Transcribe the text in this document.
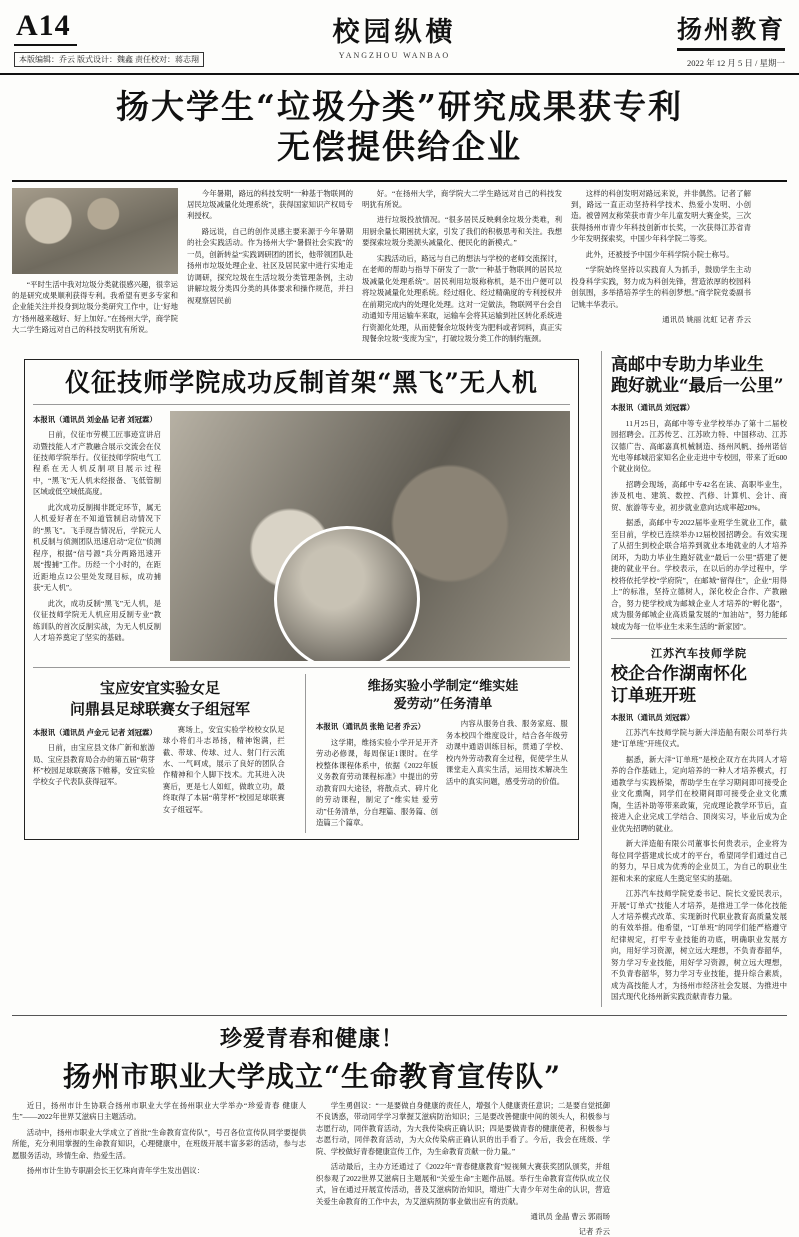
A14 本版编辑：乔云 版式设计：魏鑫 责任校对：蒋志翔
校园纵横
YANGZHOU WANBAO
扬州教育
2022 年 12 月 5 日 / 星期一
扬大学生“垃圾分类”研究成果获专利
无偿提供给企业

“平时生活中我对垃圾分类就很感兴趣，很幸运的是研究成果顺利获得专利。我希望有更多专家和企业能关注并投身到垃圾分类研究工作中，让‘好地方’扬州越来越好、好上加好。”在扬州大学，商学院大二学生路远对自己的科技发明犹有所说。

今年暑期，路远的科技发明“一种基于物联网的居民垃圾减量化处理系统”，获得国家知识产权局专利授权。

路远说，自己的创作灵感主要来源于今年暑期的社会实践活动。作为扬州大学“暑假社会实践”的一员，创新转益“实践调研团的团长，他带领团队赴扬州市垃圾处理企业、社区及居民家中进行实地走访调研，探究垃圾在生活垃圾分类管理条例，主动讲解垃圾分类四分类的具体要求和操作规范，并扫视观察居民前

好。“在扬州大学，商学院大二学生路远对自己的科技发明犹有所说。

进行垃圾投放情况。“很多居民反映剩余垃圾分类难，利用厨余量长期困扰大家，引发了我们的积极思考和关注。我想要探索垃圾分类源头减量化、便民化的新模式。”

实践活动后，路远与自己的想法与学校的老师交流探讨，在老师的帮助与指导下研发了一款“一种基于物联网的居民垃圾减量化处理系统”。居民利用垃圾称称机，是不出户便可以将垃圾减量化处理系统。经过细化、经过精确度的专利授权并在前期完成内的处理化处理。这对一定做法，物联网平台会自动通知专用运输车来取，运输车会将其运输到社区转化系统进行资源化处理，从而使餐余垃圾转变为肥料或者饲料，真正实现餐余垃圾“变废为宝”，打破垃圾分类工作的制约瓶颈。

这样的科创发明对路远来说，并非偶然。记者了解到，路远一直正动坚持科学技术、热爱小发明、小创造。被曾网友称荣获市青少年儿童发明大赛金奖，三次获得扬州市青少年科技创新市长奖，一次获得江苏省青少年发明探索奖，中国少年科学院二等奖。

此外，还被授予中国少年科学院小院士称号。

“学院始终坚持以实践育人为抓手，鼓励学生主动投身科学实践，努力成为科创先锋，营造浓厚的校园科创氛围，多举措培养学生的科创梦想。”商学院党委副书记姚丰华表示。

通讯员 姚丽 沈虹 记者 乔云
仪征技师学院成功反制首架“黑飞”无人机
本报讯（通讯员 刘金晶 记者 刘冠霖）

日前，仪征市劳模工匠事迹宣讲启动暨技能人才产教融合展示交流会在仪征技师学院举行。仪征技师学院电气工程系在无人机反制项目展示过程中，“黑飞”无人机未经报备、飞低管制区域或低空域低高度。

此次成功反制揭非既定环节，属无人机爱好者在不知道管制启动情况下的“黑飞”。飞手现告情况后，学院元人机反制与侦测团队迅速启动“定位”侦测程序，根据“信号源”兵分两路迅速开展“搜捕”工作。历经一个小时的，在距近距地点12公里处发现目标，成功捕获“无人机”。

此次，成功反制“黑飞”无人机，是仪征技师学院无人机应用反制专业“教练训队的首次反制实战，为无人机反制人才培养奠定了坚实的基础。

宝应安宜实验女足
问鼎县足球联赛女子组冠军
本报讯（通讯员 卢金元 记者 刘冠霖）

日前，由宝应县文体广新和旅游局、宝应县教育局合办的第五届“萌芽杯”校园足球联赛落下帷幕，安宜实验学校女子代表队获得冠军。

赛场上，安宜实验学校校女队足球小将们斗志昂扬，精神饱满，拦截、带球、传球、过人、射门行云流水、一气呵成，展示了良好的团队合作精神和个人脚下技术。尤其进入决赛后，更是七人如虹，做敢立功，最终取得了本届“萌芽杯”校园足球联赛女子组冠军。

维扬实验小学制定“维实娃
爱劳动”任务清单
本报讯（通讯员 张艳 记者 乔云）

这学期，维扬实验小学开足开齐劳动必修课，每周保证1课时。在学校整体课程体系中，依据《2022年版义务教育劳动课程标准》中提出的劳动教育四大途径，将散点式、碎片化的劳动课程，制定了“维实娃 爱劳动”任务清单，分自理篇、服务篇、创造篇三个篇章。

内容从服务自我、服务家庭、服务本校四个维度设计，结合各年级劳动课中通语训练目标，贯通了学校、校内外劳动教育全过程，促使学生从课堂走入真实生活，运用技术解决生活中的真实问题，感受劳动的价值。

高邮中专助力毕业生
跑好就业“最后一公里”
本报讯（通讯员 刘冠霖）

11月25日，高邮中等专业学校举办了第十二届校园招聘会。江苏传艺、江苏欧力特、中国移动、江苏汉德广告、高邮嘉真机械制造、扬州风帆、扬州诺信光电等邮城沿家知名企业走进中专校园，带来了近600个就业岗位。

招聘会现场，高邮中专42名在读、高职毕业生，涉及机电、建筑、数控、汽修、计算机、会计、商贸、旅游等专业，初步就业意向达成率超20%。

据悉，高邮中专2022届毕业班学生就业工作，截至目前，学校已连续举办12届校园招聘会。有效实现了从招生到校企联合培养到就业本地就业的人才培养闭环，为助力毕业生跑好就业“最后一公里”搭建了便捷的就业平台。学校表示，在以后的办学过程中，学校将依托学校“学府院”，在邮城“留得住”，企业“用得上”的标准，坚持立德树人，深化校企合作、产教融合，努力使学校成为邮城企业人才培养的“孵化器”，成为服务邮城企业高质量发展的“加油站”，努力能邮城成为每一位毕业生未来生活的“新家园”。

江苏汽车技师学院
校企合作湖南怀化
订单班开班
本报讯（通讯员 刘冠霖）

江苏汽车技师学院与新大洋造船有限公司举行共建“订单班”开班仪式。

据悉，新大洋“订单班”是校企双方在共同人才培养的合作基础上，定向培养的一种人才培养模式，打通教学与实践桥梁，帮助学生在学习期间即可接受企业文化熏陶，同学们在校期间即可接受企业文化熏陶，生活补助等带来政策，完成理论教学环节后，直接进入企业完成工学结合、顶岗实习，毕业后成为企业优先招聘的就业。

新大洋造船有限公司董事长何贵表示，企业将为每位同学搭建成长成才的平台，希望同学们通过自己的努力，早日成为优秀的企业员工，为自己的职业生涯和未来的家庭人生奠定坚实的基础。

江苏汽车技师学院党委书记、院长文爱民表示，开展“订单式”技能人才培养，是推进工学一体化技能人才培养模式改革、实现新时代职业教育高质量发展的有效举措。他希望，“订单班”的同学们能严格遵守纪律规定，打牢专业技能的功底，明确职业发展方向，用好学习资源，树立远大理想，不负青春韶华，努力学习专业技能，用好学习资源，树立远大理想，不负青春韶华，努力学习专业技能，提升综合素质，成为高技能人才，为扬州市经济社会发展、为推进中国式现代化扬州新实践贡献青春力量。

珍爱青春和健康！
扬州市职业大学成立“生命教育宣传队”

近日，扬州市计生协联合扬州市职业大学在扬州职业大学举办“珍爱青春 健康人生”——2022年世界艾滋病日主题活动。

活动中，扬州市职业大学成立了首批“生命教育宣传队”，号召各位宣传队同学要提供所能，充分利用掌握的生命教育知识，心理健康中，在班级开展丰富多彩的活动，参与志愿服务活动，珍情生命、热爱生活。

扬州市计生协专职副会长王忆珠向青年学生发出倡议：

学生勇倡议：“一是要做自身健康的责任人，增强个人健康责任意识；二是要自觉抵御不良诱惑，带动同学学习掌握艾滋病防治知识；三是要改善健康中间的领头人，积极参与志愿行动，同伴教育活动，为大我传染病正确认识；四是要做青春的健康使者，积极参与志愿行动，同伴教育活动，为大众传染病正确认识的出手看了。今后，我会在班级、学院、学校做好青春健康宣传工作，为生命教育贡献一份力量。”

活动最后，主办方还通过了《2022年“青春健康教育”短视频大赛获奖团队颁奖，并组织参观了2022世界艾滋病日主题展和“关爱生命”主题作品展。举行生命教育宣传队成立仪式，旨在通过开展宣传活动，普及艾滋病防治知识，增进广大青少年对生命的认识，营造关爱生命教育的工作中去，为艾滋病预防事业做出应有的贡献。

通讯员 金晶 曹云 郭雨旸
记者 乔云
